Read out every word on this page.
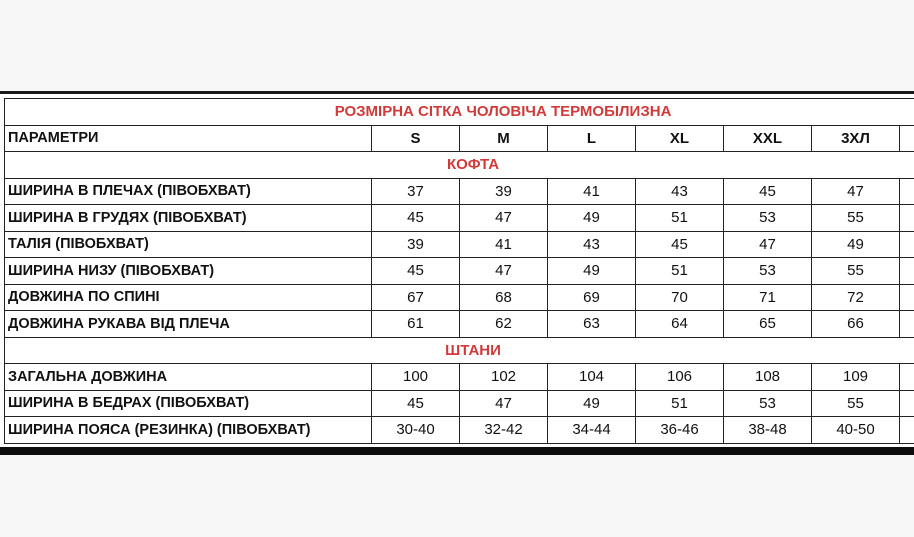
РОЗМІРНА СІТКА ЧОЛОВІЧА ТЕРМОБІЛИЗНА							
ПАРАМЕТРИ	S	M	L	XL	XXL	3ХЛ	
КОФТА							
ШИРИНА В ПЛЕЧАХ (ПІВОБХВАТ)	37	39	41	43	45	47	
ШИРИНА В ГРУДЯХ (ПІВОБХВАТ)	45	47	49	51	53	55	
ТАЛІЯ (ПІВОБХВАТ)	39	41	43	45	47	49	
ШИРИНА НИЗУ (ПІВОБХВАТ)	45	47	49	51	53	55	
ДОВЖИНА ПО СПИНІ	67	68	69	70	71	72	
ДОВЖИНА РУКАВА ВІД ПЛЕЧА	61	62	63	64	65	66	
ШТАНИ							
ЗАГАЛЬНА ДОВЖИНА	100	102	104	106	108	109	
ШИРИНА В БЕДРАХ (ПІВОБХВАТ)	45	47	49	51	53	55	
ШИРИНА ПОЯСА (РЕЗИНКА) (ПІВОБХВАТ)	30-40	32-42	34-44	36-46	38-48	40-50	
